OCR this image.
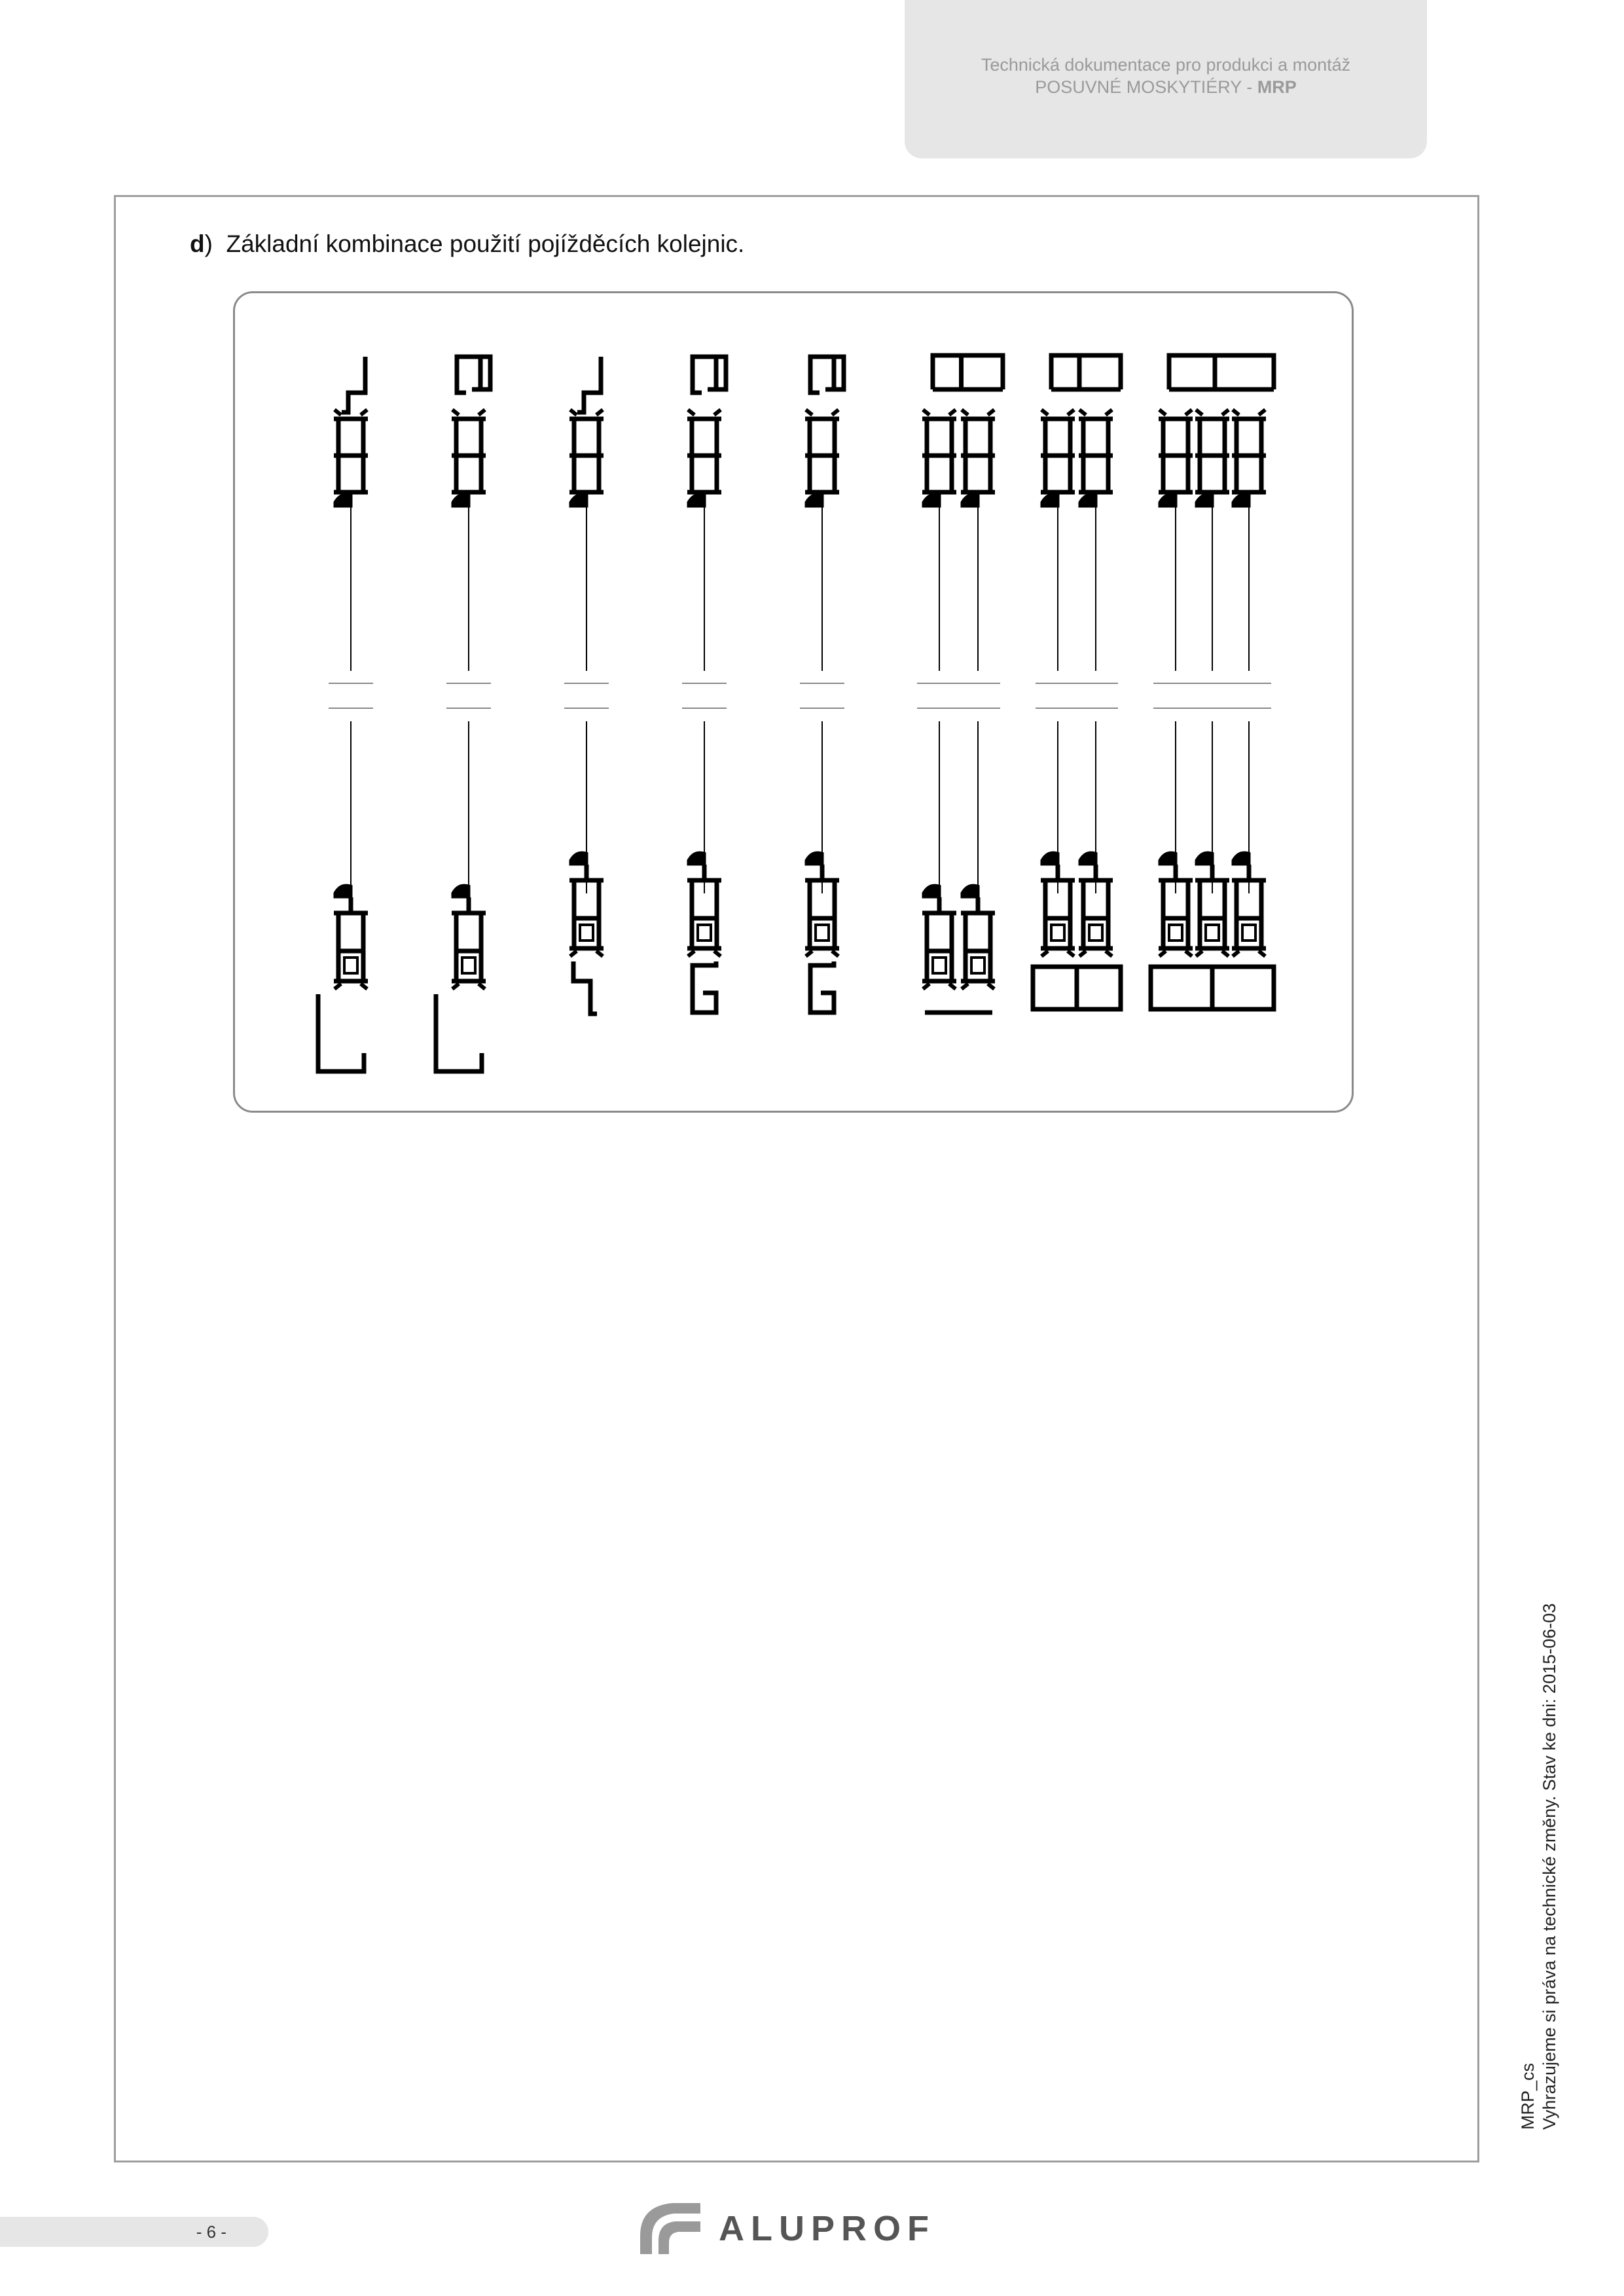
Technická dokumentace pro produkci a montáž
POSUVNÉ MOSKYTIÉRY - MRP
d) Základní kombinace použití pojížděcích kolejnic.
MRP_cs Vyhrazujeme si práva na technické změny. Stav ke dni: 2015-06-03
- 6 -	ALUPROF
